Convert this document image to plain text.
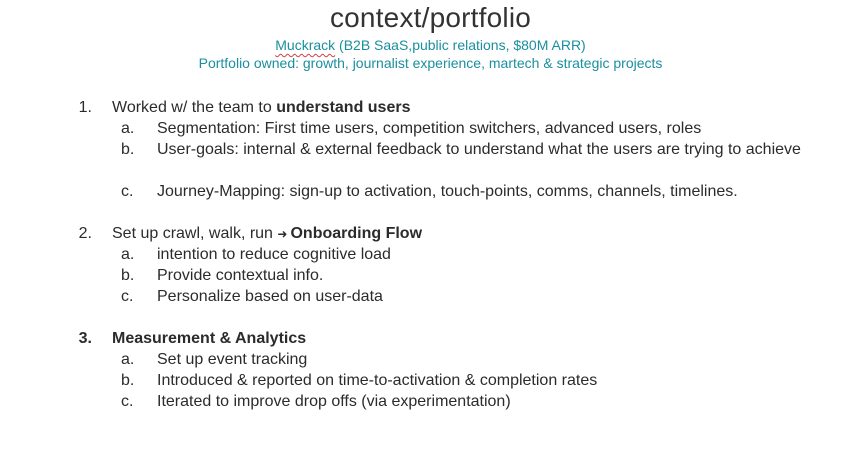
context/portfolio
Muckrack (B2B SaaS,public relations, $80M ARR)
Portfolio owned: growth, journalist experience, martech & strategic projects
1. Worked w/ the team to understand users
a. Segmentation: First time users, competition switchers, advanced users, roles
b. User-goals: internal & external feedback to understand what the users are trying to achieve
c. Journey-Mapping: sign-up to activation, touch-points, comms, channels, timelines.
2. Set up crawl, walk, run ➜ Onboarding Flow
a. intention to reduce cognitive load
b. Provide contextual info.
c. Personalize based on user-data
3. Measurement & Analytics
a. Set up event tracking
b. Introduced & reported on time-to-activation & completion rates
c. Iterated to improve drop offs (via experimentation)
